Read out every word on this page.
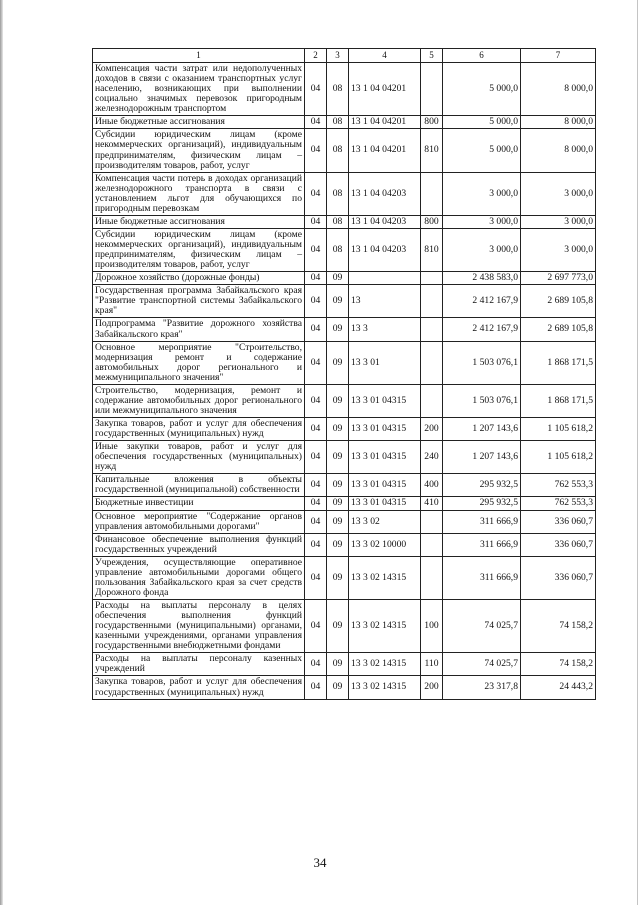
1	2	3	4	5	6	7
Компенсация части затрат или недополученных доходов в связи с оказанием транспортных услуг населению, возникающих при выполнении социально значимых перевозок пригородным железнодорожным транспортом	04	08	13 1 04 04201		5 000,0	8 000,0
Иные бюджетные ассигнования	04	08	13 1 04 04201	800	5 000,0	8 000,0
Субсидии юридическим лицам (кроме некоммерческих организаций), индивидуальным предпринимателям, физическим лицам – производителям товаров, работ, услуг	04	08	13 1 04 04201	810	5 000,0	8 000,0
Компенсация части потерь в доходах организаций железнодорожного транспорта в связи с установлением льгот для обучающихся по пригородным перевозкам	04	08	13 1 04 04203		3 000,0	3 000,0
Иные бюджетные ассигнования	04	08	13 1 04 04203	800	3 000,0	3 000,0
Субсидии юридическим лицам (кроме некоммерческих организаций), индивидуальным предпринимателям, физическим лицам – производителям товаров, работ, услуг	04	08	13 1 04 04203	810	3 000,0	3 000,0
Дорожное хозяйство (дорожные фонды)	04	09			2 438 583,0	2 697 773,0
Государственная программа Забайкальского края "Развитие транспортной системы Забайкальского края"	04	09	13		2 412 167,9	2 689 105,8
Подпрограмма "Развитие дорожного хозяйства Забайкальского края"	04	09	13 3		2 412 167,9	2 689 105,8
Основное мероприятие "Строительство, модернизация ремонт и содержание автомобильных дорог регионального и межмуниципального значения"	04	09	13 3 01		1 503 076,1	1 868 171,5
Строительство, модернизация, ремонт и содержание автомобильных дорог регионального или межмуниципального значения	04	09	13 3 01 04315		1 503 076,1	1 868 171,5
Закупка товаров, работ и услуг для обеспечения государственных (муниципальных) нужд	04	09	13 3 01 04315	200	1 207 143,6	1 105 618,2
Иные закупки товаров, работ и услуг для обеспечения государственных (муниципальных) нужд	04	09	13 3 01 04315	240	1 207 143,6	1 105 618,2
Капитальные вложения в объекты государственной (муниципальной) собственности	04	09	13 3 01 04315	400	295 932,5	762 553,3
Бюджетные инвестиции	04	09	13 3 01 04315	410	295 932,5	762 553,3
Основное мероприятие "Содержание органов управления автомобильными дорогами"	04	09	13 3 02		311 666,9	336 060,7
Финансовое обеспечение выполнения функций государственных учреждений	04	09	13 3 02 10000		311 666,9	336 060,7
Учреждения, осуществляющие оперативное управление автомобильными дорогами общего пользования Забайкальского края за счет средств Дорожного фонда	04	09	13 3 02 14315		311 666,9	336 060,7
Расходы на выплаты персоналу в целях обеспечения выполнения функций государственными (муниципальными) органами, казенными учреждениями, органами управления государственными внебюджетными фондами	04	09	13 3 02 14315	100	74 025,7	74 158,2
Расходы на выплаты персоналу казенных учреждений	04	09	13 3 02 14315	110	74 025,7	74 158,2
Закупка товаров, работ и услуг для обеспечения государственных (муниципальных) нужд	04	09	13 3 02 14315	200	23 317,8	24 443,2
34
